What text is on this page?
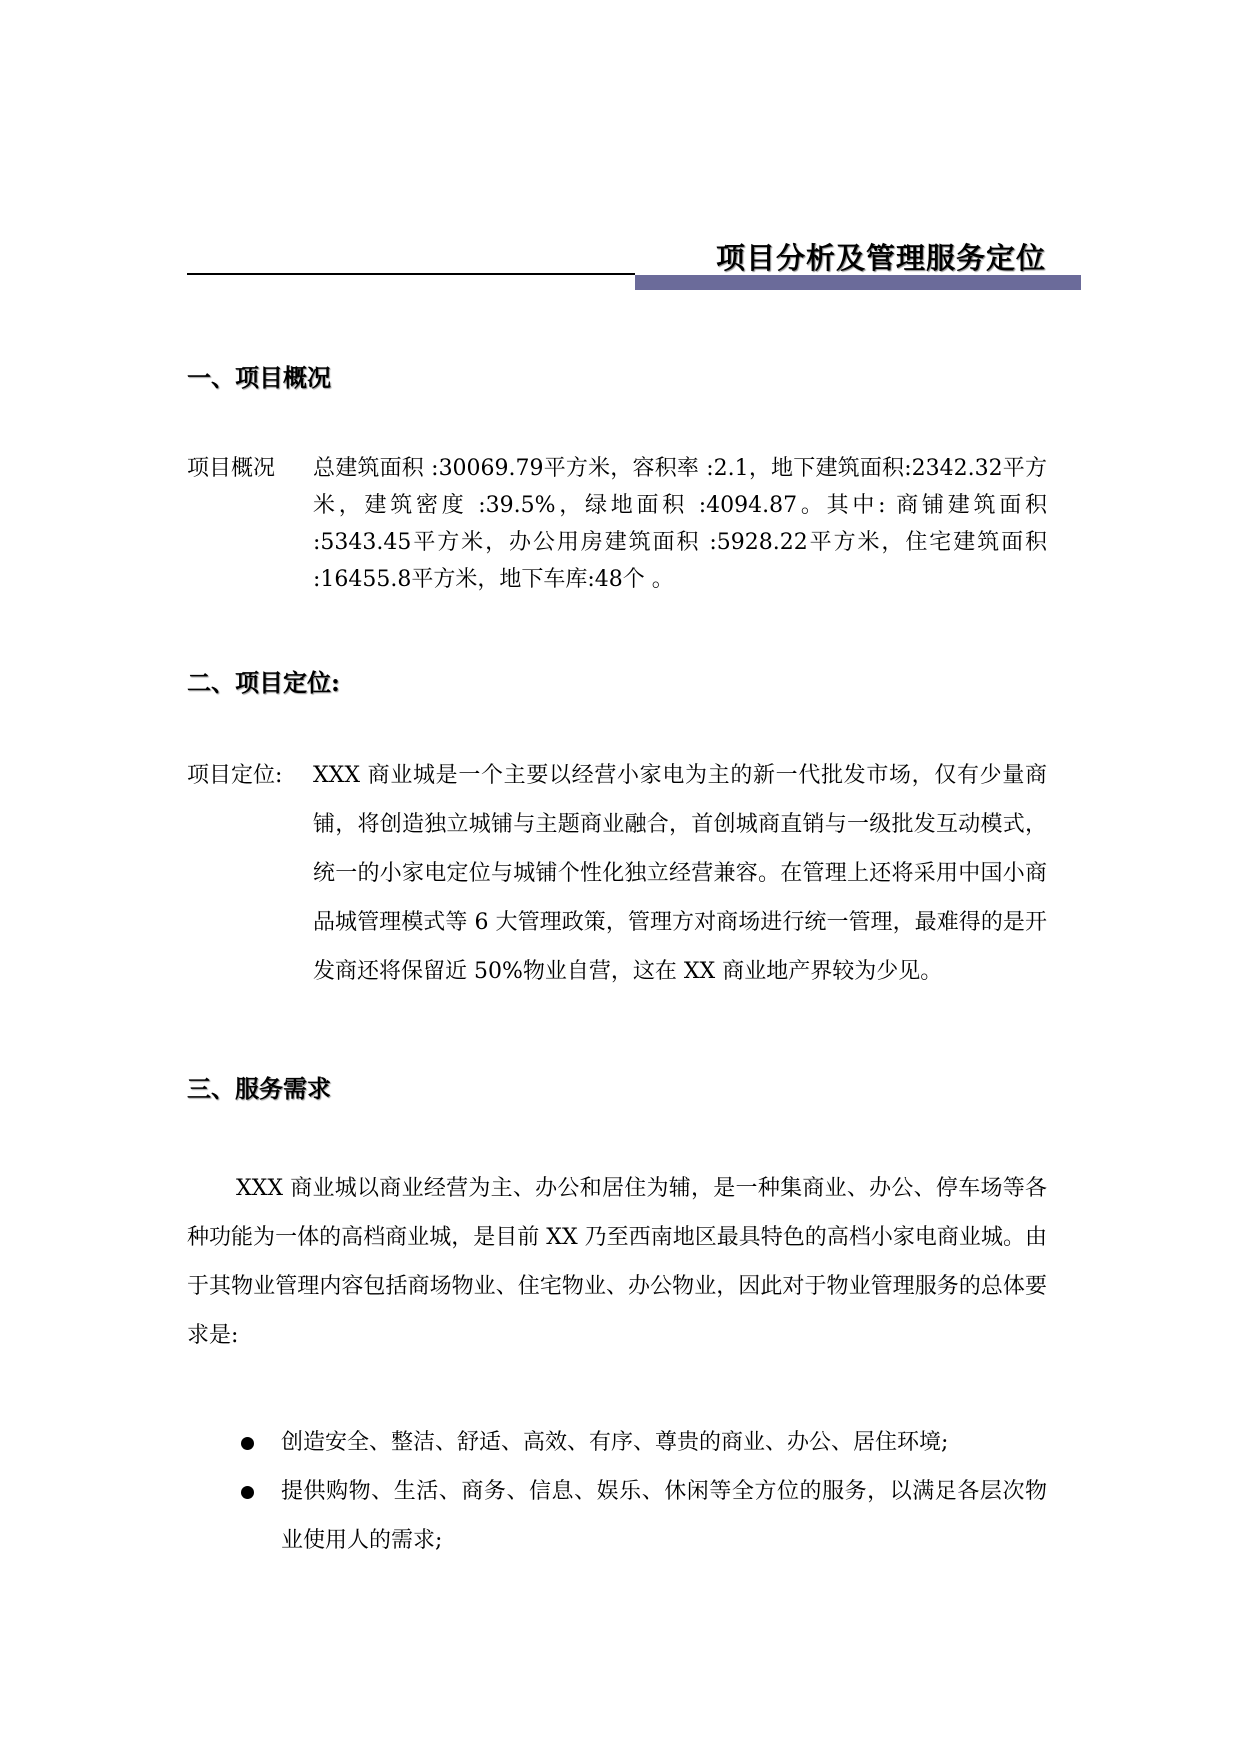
项目分析及管理服务定位
一、项目概况
项目概况 总建筑面积 :30069.79平方米，容积率 :2.1，地下建筑面积:2342.32平方米，建筑密度 :39.5%，绿地面积 :4094.87。其中: 商铺建筑面积 :5343.45平方米，办公用房建筑面积 :5928.22平方米，住宅建筑面积 :16455.8平方米，地下车库:48个 。
二、项目定位:
项目定位: XXX 商业城是一个主要以经营小家电为主的新一代批发市场，仅有少量商铺，将创造独立城铺与主题商业融合，首创城商直销与一级批发互动模式，统一的小家电定位与城铺个性化独立经营兼容。在管理上还将采用中国小商品城管理模式等 6 大管理政策，管理方对商场进行统一管理，最难得的是开发商还将保留近 50%物业自营，这在 XX 商业地产界较为少见。
三、服务需求
XXX 商业城以商业经营为主、办公和居住为辅，是一种集商业、办公、停车场等各种功能为一体的高档商业城，是目前 XX 乃至西南地区最具特色的高档小家电商业城。由于其物业管理内容包括商场物业、住宅物业、办公物业，因此对于物业管理服务的总体要求是:
创造安全、整洁、舒适、高效、有序、尊贵的商业、办公、居住环境;
提供购物、生活、商务、信息、娱乐、休闲等全方位的服务，以满足各层次物业使用人的需求;
